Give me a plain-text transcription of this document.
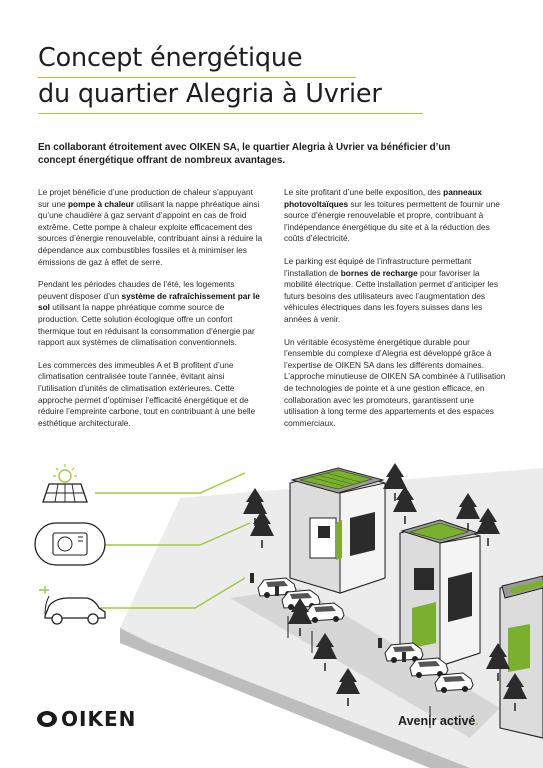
Concept énergétique
du quartier Alegria à Uvrier

En collaborant étroitement avec OIKEN SA, le quartier Alegria à Uvrier va bénéficier d’un concept énergétique offrant de nombreux avantages.

Le projet bénéficie d’une production de chaleur s’appuyant sur une pompe à chaleur utilisant la nappe phréatique ainsi qu’une chaudière à gaz servant d’appoint en cas de froid extrême. Cette pompe à chaleur exploite efficacement des sources d’énergie renouvelable, contribuant ainsi à réduire la dépendance aux combustibles fossiles et à minimiser les émissions de gaz à effet de serre.

Pendant les périodes chaudes de l’été, les logements peuvent disposer d’un système de rafraîchissement par le sol utilisant la nappe phréatique comme source de production. Cette solution écologique offre un confort thermique tout en réduisant la consommation d’énergie par rapport aux systèmes de climatisation conventionnels.

Les commerces des immeubles A et B profitent d’une climatisation centralisée toute l’année, évitant ainsi l’utilisation d’unités de climatisation extérieures. Cette approche permet d’optimiser l’efficacité énergétique et de réduire l’empreinte carbone, tout en contribuant à une belle esthétique architecturale.

Le site profitant d’une belle exposition, des panneaux photovoltaïques sur les toitures permettent de fournir une source d’énergie renouvelable et propre, contribuant à l’indépendance énergétique du site et à la réduction des coûts d’électricité.

Le parking est équipé de l’infrastructure permettant l’installation de bornes de recharge pour favoriser la mobilité électrique. Cette installation permet d’anticiper les futurs besoins des utilisateurs avec l’augmentation des véhicules électriques dans les foyers suisses dans les années à venir.

Un véritable écosystème énergétique durable pour l’ensemble du complexe d’Alegria est développé grâce à l’expertise de OIKEN SA dans les différents domaines. L’approche minutieuse de OIKEN SA combinée à l’utilisation de technologies de pointe et à une gestion efficace, en collaboration avec les promoteurs, garantissent une utilisation à long terme des appartements et des espaces commerciaux.

OIKEN	Avenir activé.
